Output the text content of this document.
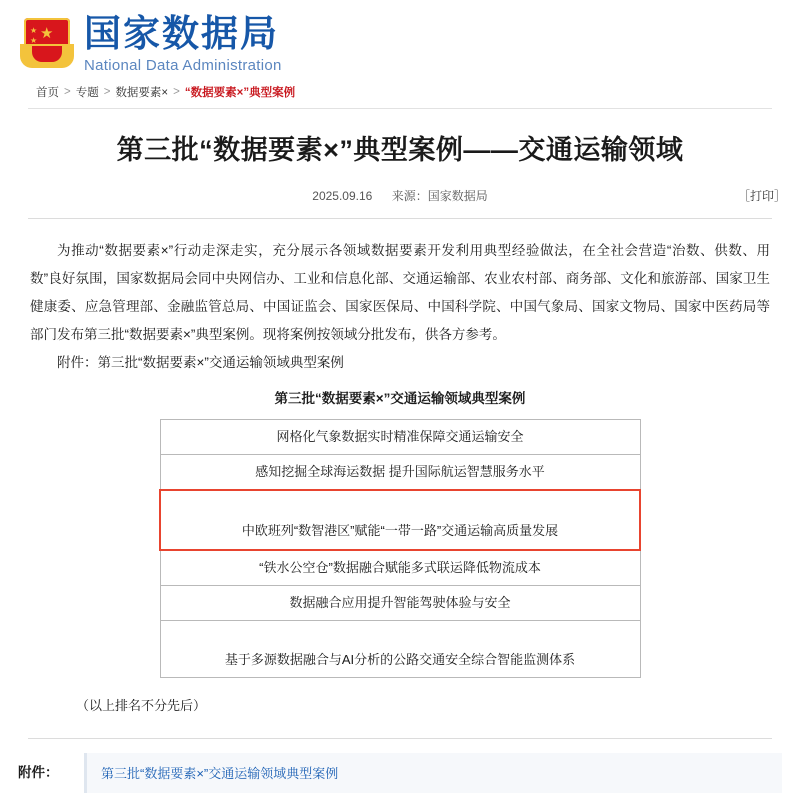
★
★
★ 国家数据局
National Data Administration
首页 > 专题 > 数据要素× > “数据要素×”典型案例
第三批“数据要素×”典型案例——交通运输领域
2025.09.16 来源：国家数据局	［打印］

为推动“数据要素×”行动走深走实，充分展示各领域数据要素开发利用典型经验做法，在全社会营造“治数、供数、用数”良好氛围，国家数据局会同中央网信办、工业和信息化部、交通运输部、农业农村部、商务部、文化和旅游部、国家卫生健康委、应急管理部、金融监管总局、中国证监会、国家医保局、中国科学院、中国气象局、国家文物局、国家中医药局等部门发布第三批“数据要素×”典型案例。现将案例按领域分批发布，供各方参考。

附件：第三批“数据要素×”交通运输领域典型案例

第三批“数据要素×”交通运输领域典型案例
网格化气象数据实时精准保障交通运输安全
感知挖掘全球海运数据 提升国际航运智慧服务水平

中欧班列“数智港区”赋能“一带一路”交通运输高质量发展

“铁水公空仓”数据融合赋能多式联运降低物流成本
数据融合应用提升智能驾驶体验与安全

基于多源数据融合与AI分析的公路交通安全综合智能监测体系

（以上排名不分先后）
附件：	第三批“数据要素×”交通运输领域典型案例
